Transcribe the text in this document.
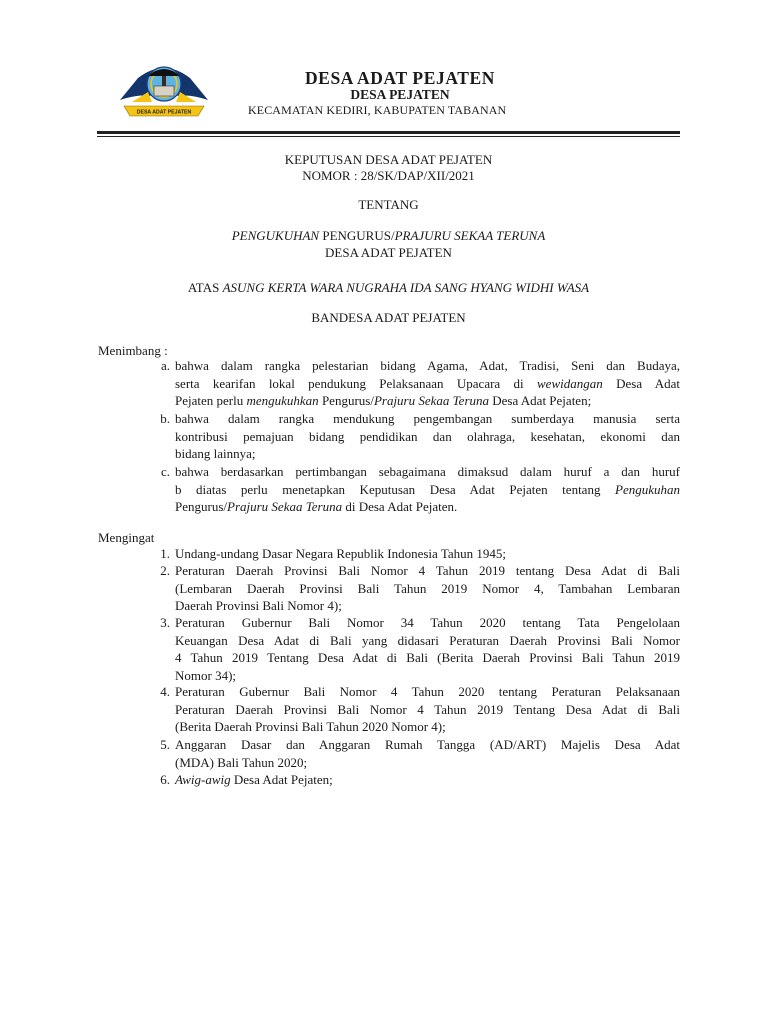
DESA ADAT PEJATEN
DESA ADAT PEJATEN
DESA PEJATEN
KECAMATAN KEDIRI, KABUPATEN TABANAN
KEPUTUSAN DESA ADAT PEJATEN
NOMOR : 28/SK/DAP/XII/2021
TENTANG
PENGUKUHAN PENGURUS/PRAJURU SEKAA TERUNA
DESA ADAT PEJATEN
ATAS ASUNG KERTA WARA NUGRAHA IDA SANG HYANG WIDHI WASA
BANDESA ADAT PEJATEN
Menimbang :
a. bahwa dalam rangka pelestarian bidang Agama, Adat, Tradisi, Seni dan Budaya,

serta kearifan lokal pendukung Pelaksanaan Upacara di wewidangan Desa Adat

Pejaten perlu mengukuhkan Pengurus/Prajuru Sekaa Teruna Desa Adat Pejaten;

b. bahwa dalam rangka mendukung pengembangan sumberdaya manusia serta

kontribusi pemajuan bidang pendidikan dan olahraga, kesehatan, ekonomi dan

bidang lainnya;

c. bahwa berdasarkan pertimbangan sebagaimana dimaksud dalam huruf a dan huruf

b diatas perlu menetapkan Keputusan Desa Adat Pejaten tentang Pengukuhan

Pengurus/Prajuru Sekaa Teruna di Desa Adat Pejaten.

Mengingat
1. Undang-undang Dasar Negara Republik Indonesia Tahun 1945;

2. Peraturan Daerah Provinsi Bali Nomor 4 Tahun 2019 tentang Desa Adat di Bali

(Lembaran Daerah Provinsi Bali Tahun 2019 Nomor 4, Tambahan Lembaran

Daerah Provinsi Bali Nomor 4);

3. Peraturan Gubernur Bali Nomor 34 Tahun 2020 tentang Tata Pengelolaan

Keuangan Desa Adat di Bali yang didasari Peraturan Daerah Provinsi Bali Nomor

4 Tahun 2019 Tentang Desa Adat di Bali (Berita Daerah Provinsi Bali Tahun 2019

Nomor 34);

4. Peraturan Gubernur Bali Nomor 4 Tahun 2020 tentang Peraturan Pelaksanaan

Peraturan Daerah Provinsi Bali Nomor 4 Tahun 2019 Tentang Desa Adat di Bali

(Berita Daerah Provinsi Bali Tahun 2020 Nomor 4);

5. Anggaran Dasar dan Anggaran Rumah Tangga (AD/ART) Majelis Desa Adat

(MDA) Bali Tahun 2020;

6. Awig-awig Desa Adat Pejaten;
